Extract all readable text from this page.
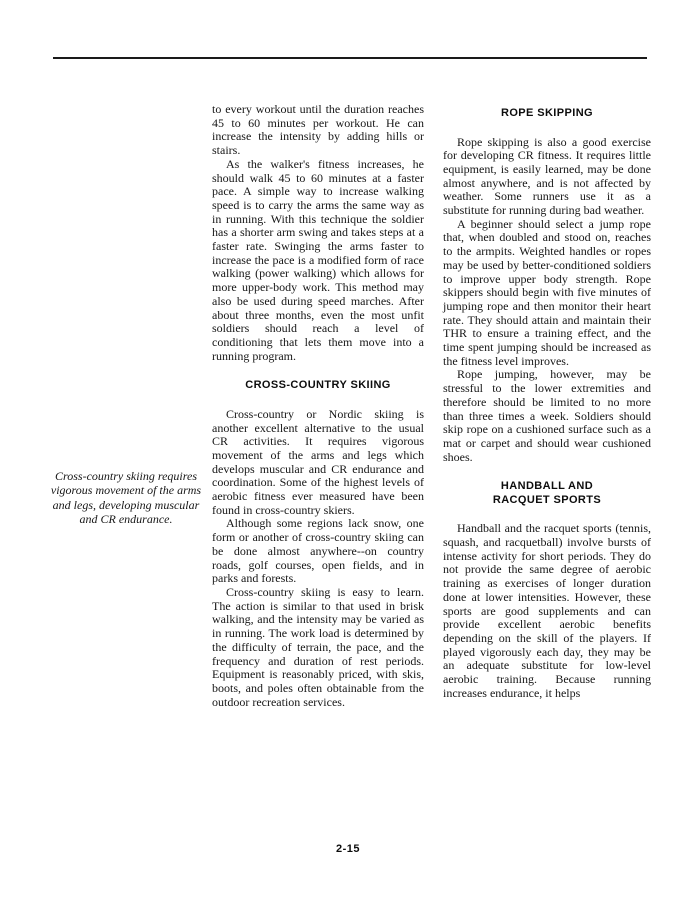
Cross-country skiing requires vigorous movement of the arms and legs, developing muscular and CR endurance.

to every workout until the duration reaches 45 to 60 minutes per workout. He can increase the intensity by adding hills or stairs.

As the walker's fitness increases, he should walk 45 to 60 minutes at a faster pace. A simple way to increase walking speed is to carry the arms the same way as in running. With this technique the soldier has a shorter arm swing and takes steps at a faster rate. Swinging the arms faster to increase the pace is a modified form of race walking (power walking) which allows for more upper-body work. This method may also be used during speed marches. After about three months, even the most unfit soldiers should reach a level of conditioning that lets them move into a running program.

CROSS-COUNTRY SKIING

Cross-country or Nordic skiing is another excellent alternative to the usual CR activities. It requires vigorous movement of the arms and legs which develops muscular and CR endurance and coordination. Some of the highest levels of aerobic fitness ever measured have been found in cross-country skiers.

Although some regions lack snow, one form or another of cross-country skiing can be done almost anywhere--on country roads, golf courses, open fields, and in parks and forests.

Cross-country skiing is easy to learn. The action is similar to that used in brisk walking, and the intensity may be varied as in running. The work load is determined by the difficulty of terrain, the pace, and the frequency and duration of rest periods. Equipment is reasonably priced, with skis, boots, and poles often obtainable from the outdoor recreation services.

ROPE SKIPPING

Rope skipping is also a good exercise for developing CR fitness. It requires little equipment, is easily learned, may be done almost anywhere, and is not affected by weather. Some runners use it as a substitute for running during bad weather.

A beginner should select a jump rope that, when doubled and stood on, reaches to the armpits. Weighted handles or ropes may be used by better-conditioned soldiers to improve upper body strength. Rope skippers should begin with five minutes of jumping rope and then monitor their heart rate. They should attain and maintain their THR to ensure a training effect, and the time spent jumping should be increased as the fitness level improves.

Rope jumping, however, may be stressful to the lower extremities and therefore should be limited to no more than three times a week. Soldiers should skip rope on a cushioned surface such as a mat or carpet and should wear cushioned shoes.

HANDBALL AND
RACQUET SPORTS

Handball and the racquet sports (tennis, squash, and racquetball) involve bursts of intense activity for short periods. They do not provide the same degree of aerobic training as exercises of longer duration done at lower intensities. However, these sports are good supplements and can provide excellent aerobic benefits depending on the skill of the players. If played vigorously each day, they may be an adequate substitute for low-level aerobic training. Because running increases endurance, it helps

2-15
